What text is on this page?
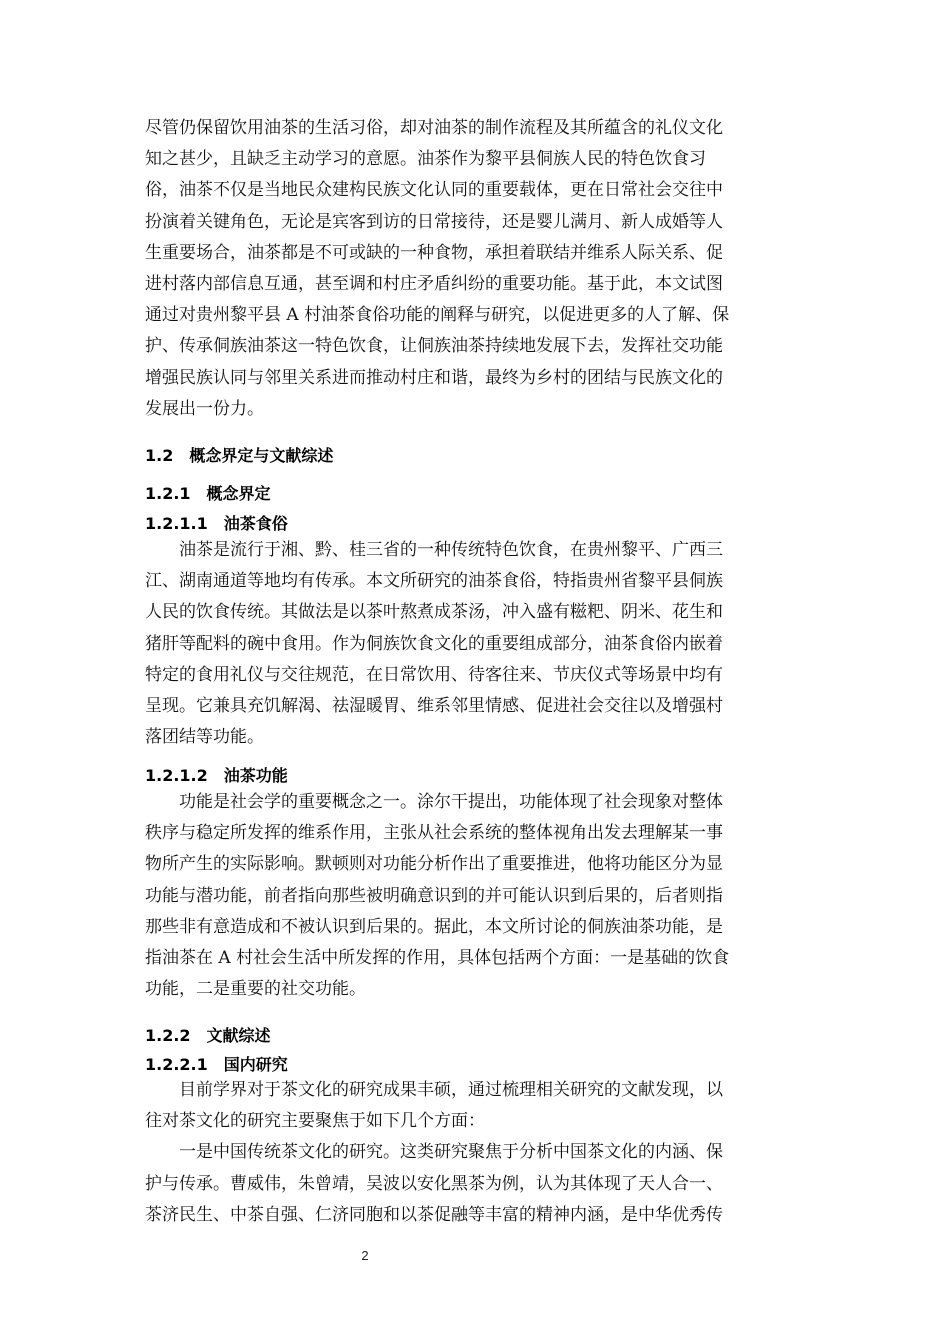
尽管仍保留饮用油茶的生活习俗，却对油茶的制作流程及其所蕴含的礼仪文化
知之甚少，且缺乏主动学习的意愿。油茶作为黎平县侗族人民的特色饮食习
俗，油茶不仅是当地民众建构民族文化认同的重要载体，更在日常社会交往中
扮演着关键角色，无论是宾客到访的日常接待，还是婴儿满月、新人成婚等人
生重要场合，油茶都是不可或缺的一种食物，承担着联结并维系人际关系、促
进村落内部信息互通，甚至调和村庄矛盾纠纷的重要功能。基于此，本文试图
通过对贵州黎平县 A 村油茶食俗功能的阐释与研究，以促进更多的人了解、保
护、传承侗族油茶这一特色饮食，让侗族油茶持续地发展下去，发挥社交功能
增强民族认同与邻里关系进而推动村庄和谐，最终为乡村的团结与民族文化的
发展出一份力。
1.2　概念界定与文献综述
1.2.1　概念界定
1.2.1.1　油茶食俗
　　油茶是流行于湘、黔、桂三省的一种传统特色饮食，在贵州黎平、广西三
江、湖南通道等地均有传承。本文所研究的油茶食俗，特指贵州省黎平县侗族
人民的饮食传统。其做法是以茶叶熬煮成茶汤，冲入盛有糍粑、阴米、花生和
猪肝等配料的碗中食用。作为侗族饮食文化的重要组成部分，油茶食俗内嵌着
特定的食用礼仪与交往规范，在日常饮用、待客往来、节庆仪式等场景中均有
呈现。它兼具充饥解渴、祛湿暖胃、维系邻里情感、促进社会交往以及增强村
落团结等功能。
1.2.1.2　油茶功能
　　功能是社会学的重要概念之一。涂尔干提出，功能体现了社会现象对整体
秩序与稳定所发挥的维系作用，主张从社会系统的整体视角出发去理解某一事
物所产生的实际影响。默顿则对功能分析作出了重要推进，他将功能区分为显
功能与潜功能，前者指向那些被明确意识到的并可能认识到后果的，后者则指
那些非有意造成和不被认识到后果的。据此，本文所讨论的侗族油茶功能，是
指油茶在 A 村社会生活中所发挥的作用，具体包括两个方面：一是基础的饮食
功能，二是重要的社交功能。
1.2.2　文献综述
1.2.2.1　国内研究
　　目前学界对于茶文化的研究成果丰硕，通过梳理相关研究的文献发现，以
往对茶文化的研究主要聚焦于如下几个方面：
　　一是中国传统茶文化的研究。这类研究聚焦于分析中国茶文化的内涵、保
护与传承。曹威伟，朱曾靖，吴波以安化黑茶为例，认为其体现了天人合一、
茶济民生、中茶自强、仁济同胞和以茶促融等丰富的精神内涵，是中华优秀传
2
